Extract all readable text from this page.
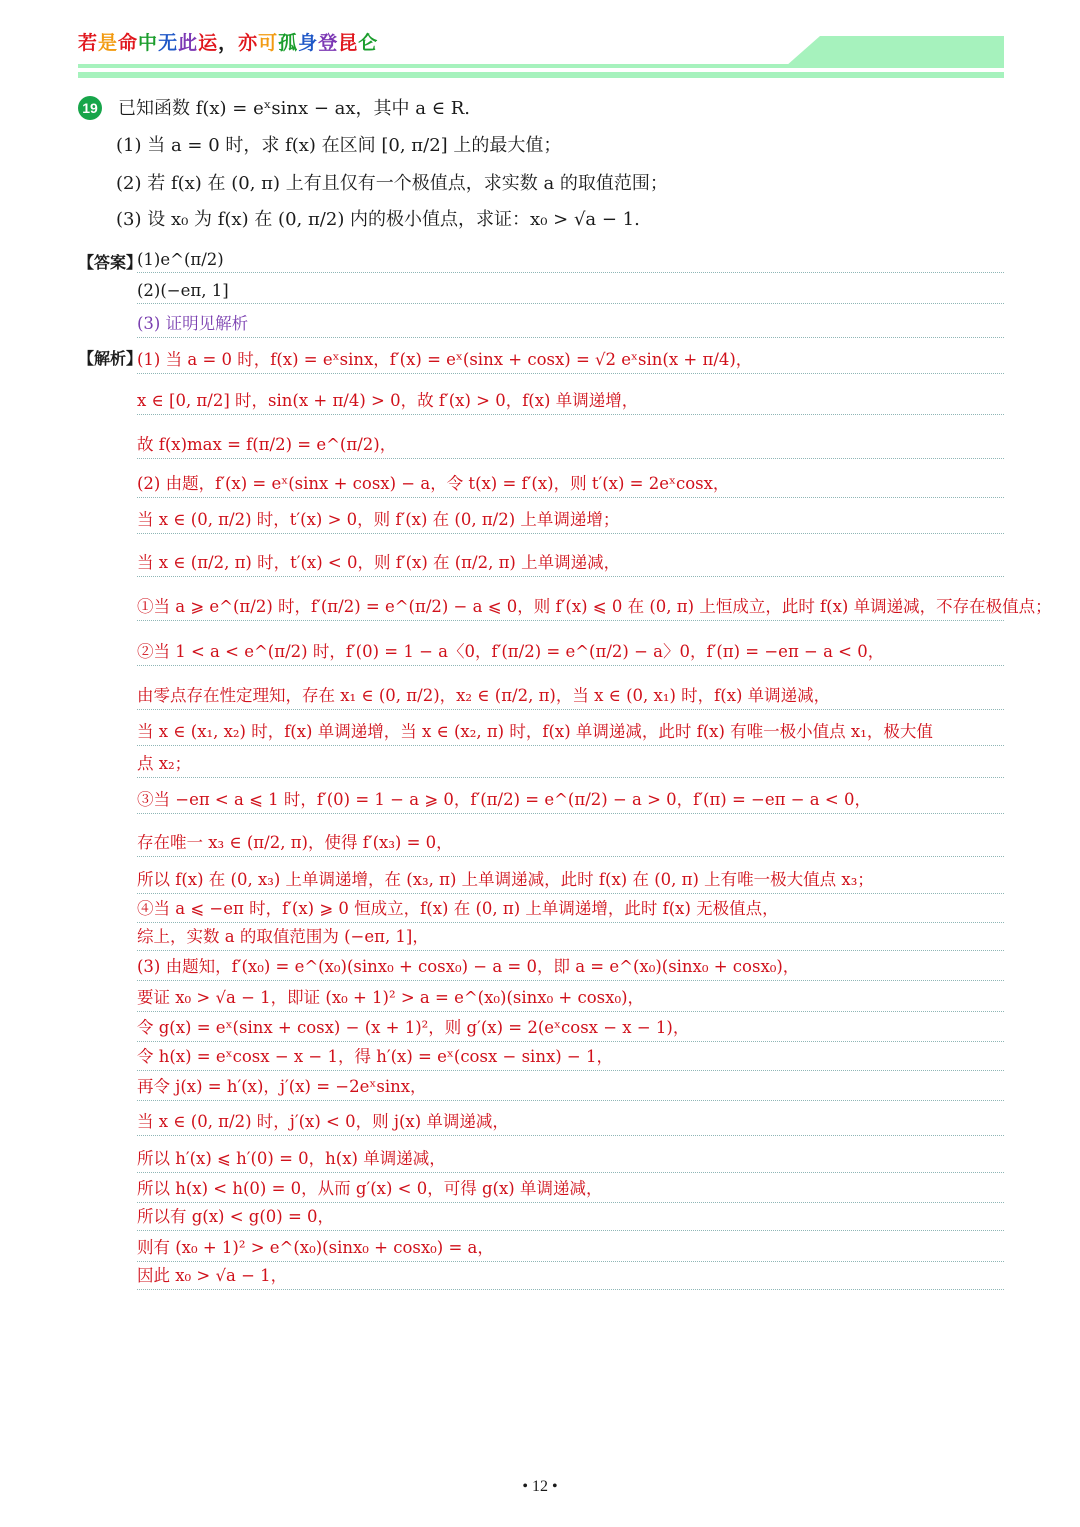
若是命中无此运，亦可孤身登昆仑
19 已知函数 f(x) = eˣsinx − ax，其中 a ∈ R.
(1) 当 a = 0 时，求 f(x) 在区间 [0, π/2] 上的最大值；
(2) 若 f(x) 在 (0, π) 上有且仅有一个极值点，求实数 a 的取值范围；
(3) 设 x₀ 为 f(x) 在 (0, π/2) 内的极小值点，求证：x₀ > √a − 1.
【答案】
(1)e^(π/2)
(2)(−eᴨ, 1]
(3) 证明见解析
【解析】
(1) 当 a = 0 时，f(x) = eˣsinx，f′(x) = eˣ(sinx + cosx) = √2 eˣsin(x + π/4)，
x ∈ [0, π/2] 时，sin(x + π/4) > 0，故 f′(x) > 0，f(x) 单调递增，
故 f(x)max = f(π/2) = e^(π/2)，
(2) 由题，f′(x) = eˣ(sinx + cosx) − a，令 t(x) = f′(x)，则 t′(x) = 2eˣcosx，
当 x ∈ (0, π/2) 时，t′(x) > 0，则 f′(x) 在 (0, π/2) 上单调递增；
当 x ∈ (π/2, π) 时，t′(x) < 0，则 f′(x) 在 (π/2, π) 上单调递减，
①当 a ⩾ e^(π/2) 时，f′(π/2) = e^(π/2) − a ⩽ 0，则 f′(x) ⩽ 0 在 (0, π) 上恒成立，此时 f(x) 单调递减，不存在极值点；
②当 1 < a < e^(π/2) 时，f′(0) = 1 − a〈0，f′(π/2) = e^(π/2) − a〉0，f′(π) = −eᴨ − a < 0，
由零点存在性定理知，存在 x₁ ∈ (0, π/2)，x₂ ∈ (π/2, π)，当 x ∈ (0, x₁) 时，f(x) 单调递减，
当 x ∈ (x₁, x₂) 时，f(x) 单调递增，当 x ∈ (x₂, π) 时，f(x) 单调递减，此时 f(x) 有唯一极小值点 x₁，极大值
点 x₂；
③当 −eᴨ < a ⩽ 1 时，f′(0) = 1 − a ⩾ 0，f′(π/2) = e^(π/2) − a > 0，f′(π) = −eᴨ − a < 0，
存在唯一 x₃ ∈ (π/2, π)，使得 f′(x₃) = 0，
所以 f(x) 在 (0, x₃) 上单调递增，在 (x₃, π) 上单调递减，此时 f(x) 在 (0, π) 上有唯一极大值点 x₃；
④当 a ⩽ −eᴨ 时，f′(x) ⩾ 0 恒成立，f(x) 在 (0, π) 上单调递增，此时 f(x) 无极值点，
综上，实数 a 的取值范围为 (−eᴨ, 1]，
(3) 由题知，f′(x₀) = e^(x₀)(sinx₀ + cosx₀) − a = 0，即 a = e^(x₀)(sinx₀ + cosx₀)，
要证 x₀ > √a − 1，即证 (x₀ + 1)² > a = e^(x₀)(sinx₀ + cosx₀)，
令 g(x) = eˣ(sinx + cosx) − (x + 1)²，则 g′(x) = 2(eˣcosx − x − 1)，
令 h(x) = eˣcosx − x − 1，得 h′(x) = eˣ(cosx − sinx) − 1，
再令 j(x) = h′(x)，j′(x) = −2eˣsinx，
当 x ∈ (0, π/2) 时，j′(x) < 0，则 j(x) 单调递减，
所以 h′(x) ⩽ h′(0) = 0，h(x) 单调递减，
所以 h(x) < h(0) = 0，从而 g′(x) < 0，可得 g(x) 单调递减，
所以有 g(x) < g(0) = 0，
则有 (x₀ + 1)² > e^(x₀)(sinx₀ + cosx₀) = a，
因此 x₀ > √a − 1，
• 12 •
